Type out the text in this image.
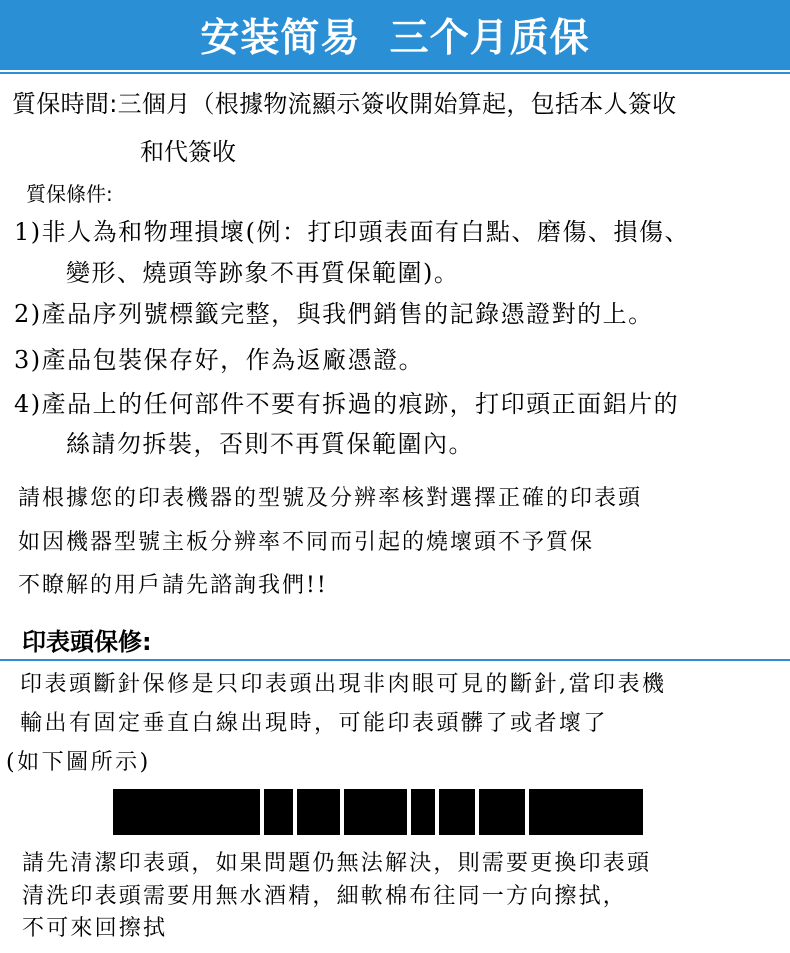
安装简易  三个月质保
質保時間:三個月（根據物流顯示簽收開始算起，包括本人簽收
和代簽收
質保條件:
1)非人為和物理損壞(例：打印頭表面有白點、磨傷、損傷、
變形、燒頭等跡象不再質保範圍)。
2)產品序列號標籤完整，與我們銷售的記錄憑證對的上。
3)產品包裝保存好，作為返廠憑證。
4)產品上的任何部件不要有拆過的痕跡，打印頭正面鋁片的
絲請勿拆裝，否則不再質保範圍內。
請根據您的印表機器的型號及分辨率核對選擇正確的印表頭
如因機器型號主板分辨率不同而引起的燒壞頭不予質保
不瞭解的用戶請先諮詢我們!!
印表頭保修:
印表頭斷針保修是只印表頭出現非肉眼可見的斷針,當印表機
輸出有固定垂直白線出現時，可能印表頭髒了或者壞了
(如下圖所示)
請先清潔印表頭，如果問題仍無法解決，則需要更換印表頭
清洗印表頭需要用無水酒精，細軟棉布往同一方向擦拭，
不可來回擦拭
